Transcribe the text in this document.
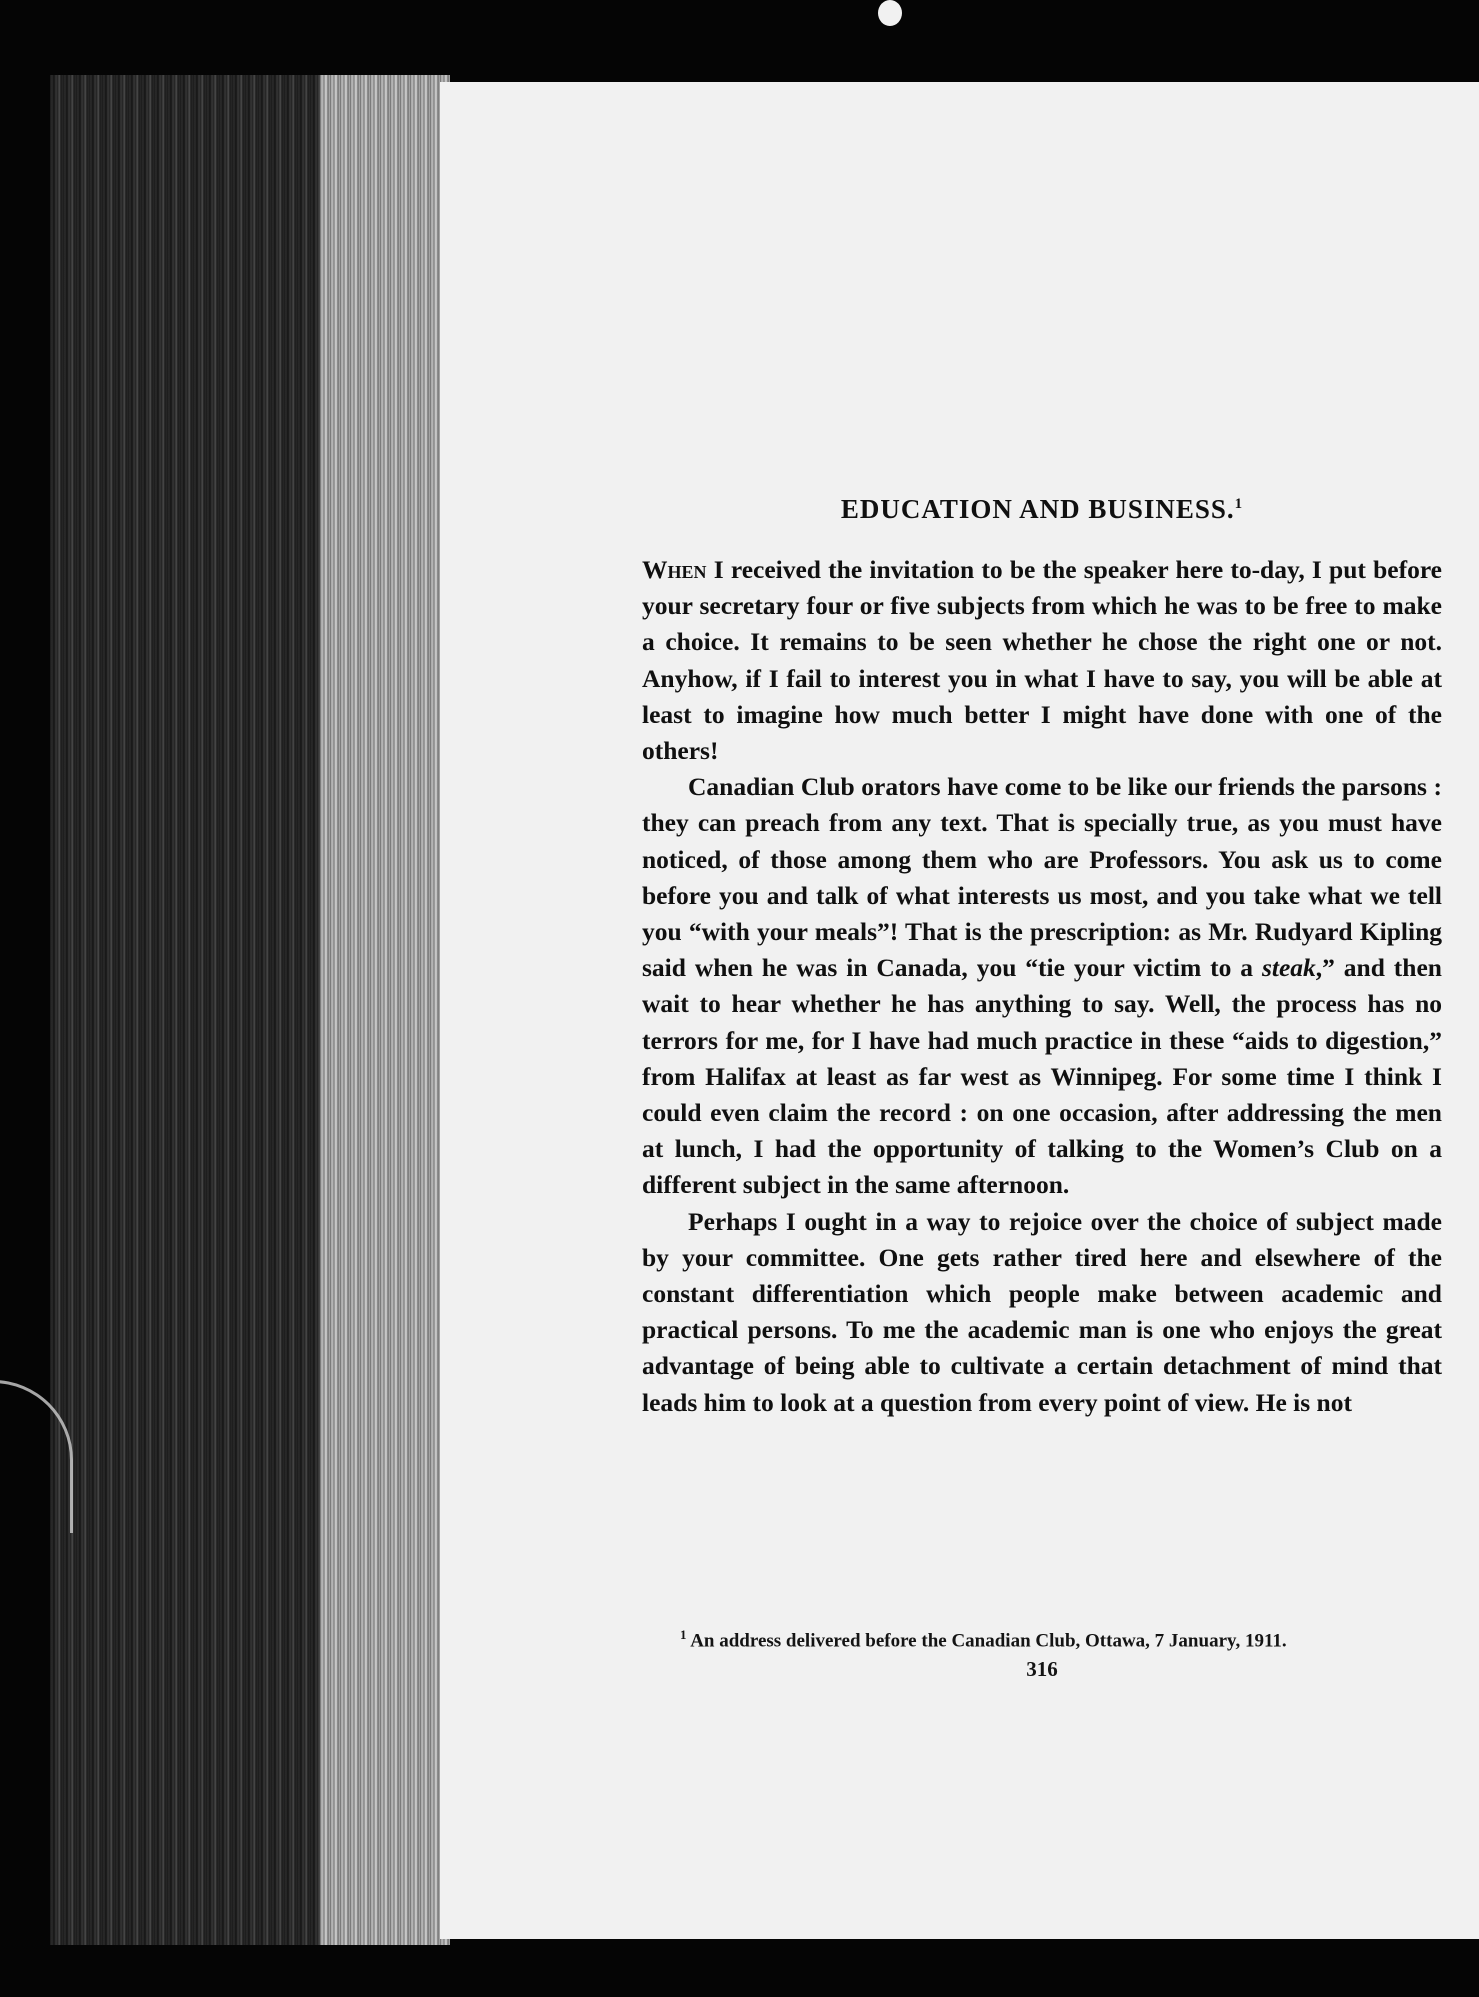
EDUCATION AND BUSINESS.$^1$

When I received the invitation to be the speaker here to-day, I put before your secretary four or five subjects from which he was to be free to make a choice. It remains to be seen whether he chose the right one or not. Anyhow, if I fail to interest you in what I have to say, you will be able at least to imagine how much better I might have done with one of the others!

Canadian Club orators have come to be like our friends the parsons : they can preach from any text. That is specially true, as you must have noticed, of those among them who are Professors. You ask us to come before you and talk of what interests us most, and you take what we tell you “with your meals”! That is the prescription: as Mr. Rudyard Kipling said when he was in Canada, you “tie your victim to a steak,” and then wait to hear whether he has anything to say. Well, the process has no terrors for me, for I have had much practice in these “aids to digestion,” from Halifax at least as far west as Winnipeg. For some time I think I could even claim the record : on one occasion, after addressing the men at lunch, I had the opportunity of talking to the Women’s Club on a different subject in the same afternoon.

Perhaps I ought in a way to rejoice over the choice of subject made by your committee. One gets rather tired here and elsewhere of the constant differentiation which people make between academic and practical persons. To me the academic man is one who enjoys the great advantage of being able to cultivate a certain detachment of mind that leads him to look at a question from every point of view. He is not

$^1$ An address delivered before the Canadian Club, Ottawa, 7 January, 1911.
316
